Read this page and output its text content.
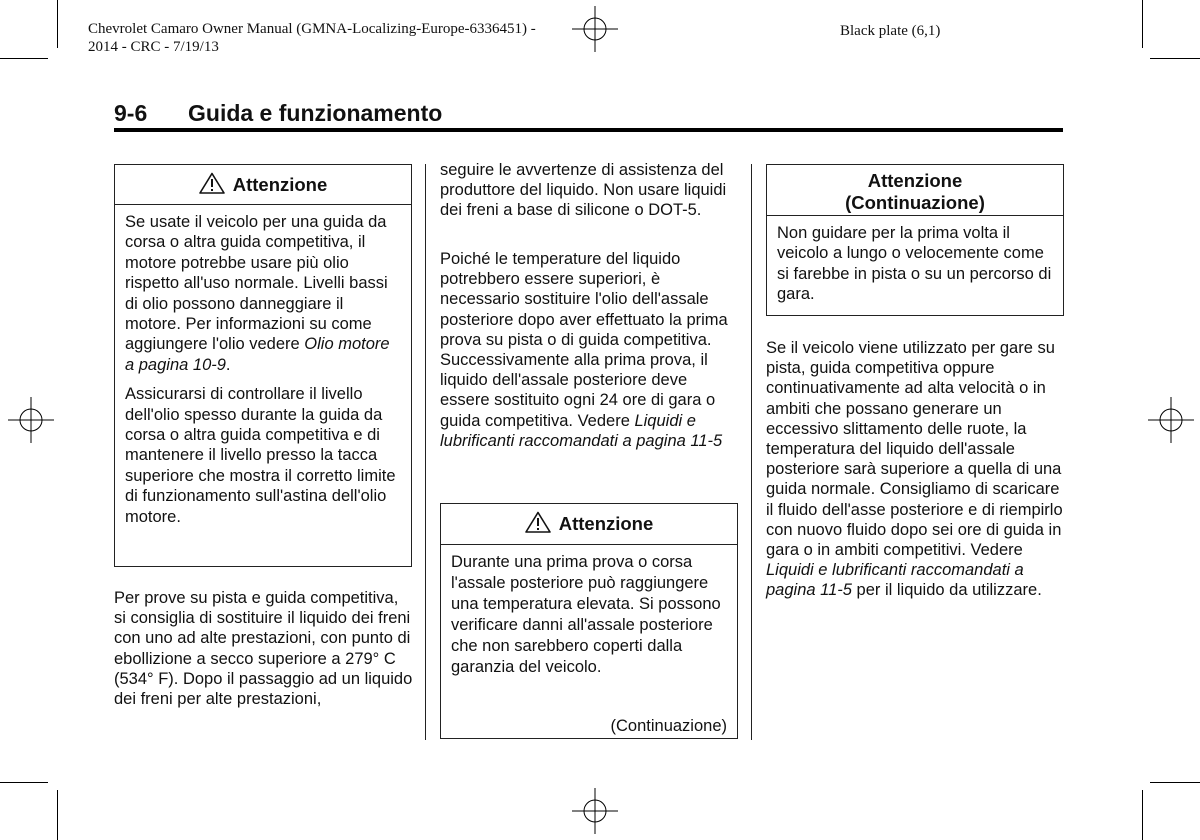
Chevrolet Camaro Owner Manual (GMNA-Localizing-Europe-6336451) -
2014 - CRC - 7/19/13
Black plate (6,1)
9-6 Guida e funzionamento
Attenzione

Se usate il veicolo per una guida da corsa o altra guida competitiva, il motore potrebbe usare più olio rispetto all'uso normale. Livelli bassi di olio possono danneggiare il motore. Per informazioni su come aggiungere l'olio vedere Olio motore a pagina 10-9.

Assicurarsi di controllare il livello dell'olio spesso durante la guida da corsa o altra guida competitiva e di mantenere il livello presso la tacca superiore che mostra il corretto limite di funzionamento sull'astina dell'olio motore.

Per prove su pista e guida competitiva, si consiglia di sostituire il liquido dei freni con uno ad alte prestazioni, con punto di ebollizione a secco superiore a 279° C (534° F). Dopo il passaggio ad un liquido dei freni per alte prestazioni,

seguire le avvertenze di assistenza del produttore del liquido. Non usare liquidi dei freni a base di silicone o DOT-5.

Poiché le temperature del liquido potrebbero essere superiori, è necessario sostituire l'olio dell'assale posteriore dopo aver effettuato la prima prova su pista o di guida competitiva. Successivamente alla prima prova, il liquido dell'assale posteriore deve essere sostituito ogni 24 ore di gara o guida competitiva. Vedere Liquidi e lubrificanti raccomandati a pagina 11-5

Attenzione

Durante una prima prova o corsa l'assale posteriore può raggiungere una temperatura elevata. Si possono verificare danni all'assale posteriore che non sarebbero coperti dalla garanzia del veicolo.

(Continuazione)
Attenzione
(Continuazione)

Non guidare per la prima volta il veicolo a lungo o velocemente come si farebbe in pista o su un percorso di gara.

Se il veicolo viene utilizzato per gare su pista, guida competitiva oppure continuativamente ad alta velocità o in ambiti che possano generare un eccessivo slittamento delle ruote, la temperatura del liquido dell'assale posteriore sarà superiore a quella di una guida normale. Consigliamo di scaricare il fluido dell'asse posteriore e di riempirlo con nuovo fluido dopo sei ore di guida in gara o in ambiti competitivi. Vedere Liquidi e lubrificanti raccomandati a pagina 11-5 per il liquido da utilizzare.
